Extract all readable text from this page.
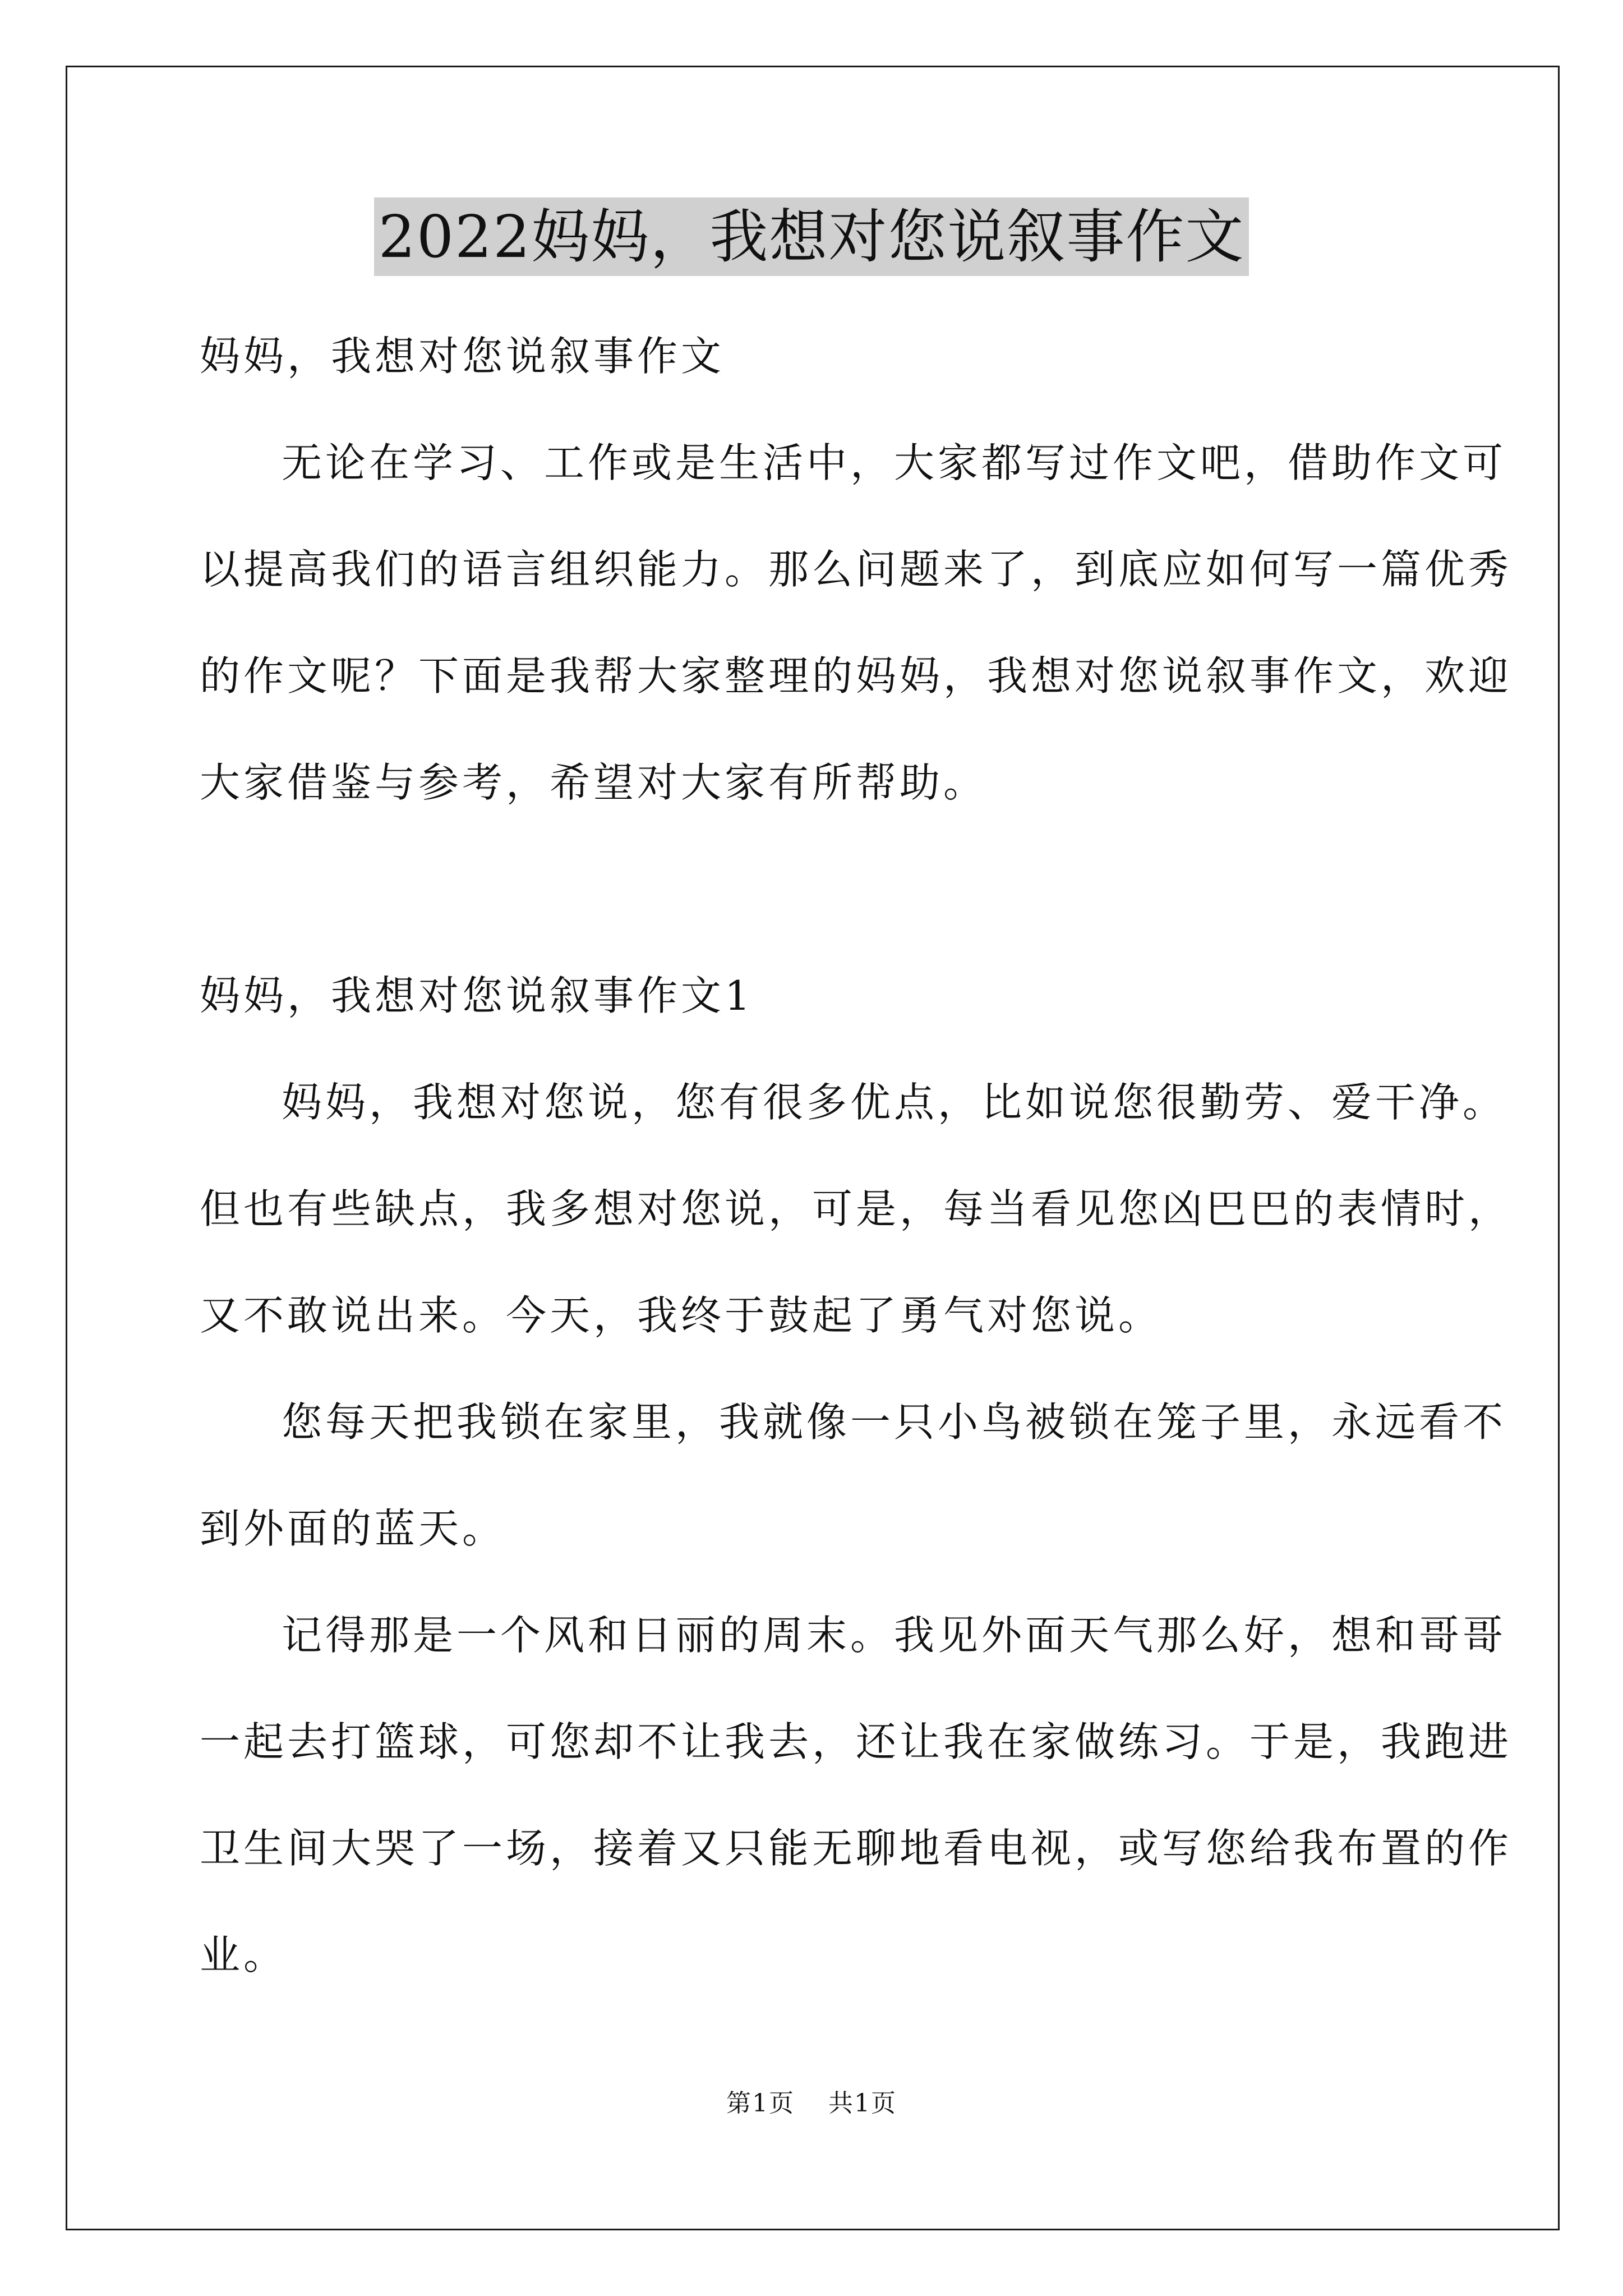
2022妈妈，我想对您说叙事作文
妈妈，我想对您说叙事作文
无论在学习、工作或是生活中，大家都写过作文吧，借助作文可
以提高我们的语言组织能力。那么问题来了，到底应如何写一篇优秀
的作文呢？下面是我帮大家整理的妈妈，我想对您说叙事作文，欢迎
大家借鉴与参考，希望对大家有所帮助。
妈妈，我想对您说叙事作文1
妈妈，我想对您说，您有很多优点，比如说您很勤劳、爱干净。
但也有些缺点，我多想对您说，可是，每当看见您凶巴巴的表情时，
又不敢说出来。今天，我终于鼓起了勇气对您说。
您每天把我锁在家里，我就像一只小鸟被锁在笼子里，永远看不
到外面的蓝天。
记得那是一个风和日丽的周末。我见外面天气那么好，想和哥哥
一起去打篮球，可您却不让我去，还让我在家做练习。于是，我跑进
卫生间大哭了一场，接着又只能无聊地看电视，或写您给我布置的作
业。
第1页 共1页
